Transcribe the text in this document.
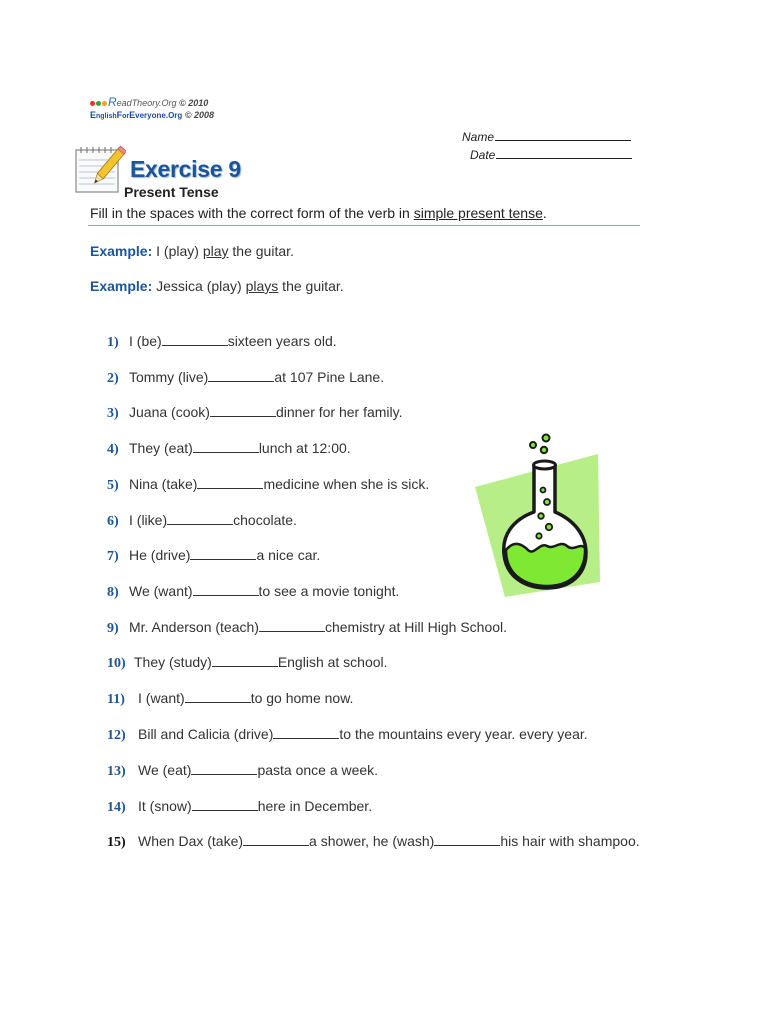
ReadTheory.Org © 2010
EnglishForEveryone.Org © 2008
Name
Date
Exercise 9
Present Tense
Fill in the spaces with the correct form of the verb in simple present tense.
Example: I (play) play the guitar.
Example: Jessica (play) plays the guitar.
1) I (be)	sixteen years old.
2) Tommy (live)	at 107 Pine Lane.
3) Juana (cook)	dinner for her family.
4) They (eat)	lunch at 12:00.
5) Nina (take)	medicine when she is sick.
6) I (like)	chocolate.
7) He (drive)	a nice car.
8) We (want)	to see a movie tonight.
9) Mr. Anderson (teach)	chemistry at Hill High School.
10) They (study)	English at school.
11) I (want)	to go home now.
12) Bill and Calicia (drive)	to the mountains every year. every year.
13) We (eat)	pasta once a week.
14) It (snow)	here in December.
15) When Dax (take)	a shower, he (wash)	his hair with shampoo.
